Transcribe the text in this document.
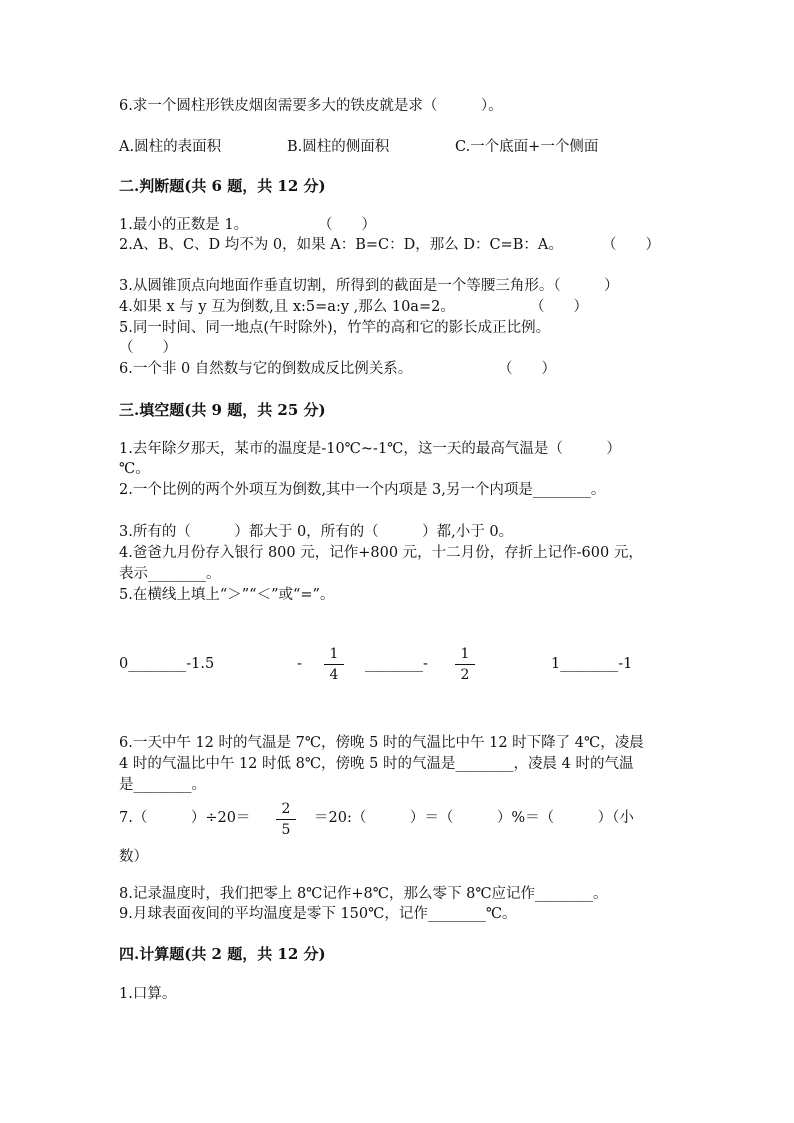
6.求一个圆柱形铁皮烟囱需要多大的铁皮就是求（　　　）。
A.圆柱的表面积	B.圆柱的侧面积	C.一个底面+一个侧面
二.判断题(共 6 题，共 12 分)
1.最小的正数是 1。	（　　）
2.A、B、C、D 均不为 0，如果 A：B=C：D，那么 D：C=B：A。	（　　）
3.从圆锥顶点向地面作垂直切割，所得到的截面是一个等腰三角形。（　　　）
4.如果 x 与 y 互为倒数,且 x:5=a:y ,那么 10a=2。	（　　）
5.同一时间、同一地点(午时除外)，竹竿的高和它的影长成正比例。
（　　）
6.一个非 0 自然数与它的倒数成反比例关系。	（　　）
三.填空题(共 9 题，共 25 分)
1.去年除夕那天，某市的温度是-10℃~-1℃，这一天的最高气温是（　　　）
℃。
2.一个比例的两个外项互为倒数,其中一个内项是 3,另一个内项是________。
3.所有的（　　　）都大于 0，所有的（　　　）都,小于 0。
4.爸爸九月份存入银行 800 元，记作+800 元，十二月份，存折上记作-600 元，
表示________。
5.在横线上填上“＞”“＜”或“=”。
0________-1.5	-
1
4
________-
1
2
1________-1
6.一天中午 12 时的气温是 7℃，傍晚 5 时的气温比中午 12 时下降了 4℃，凌晨
4 时的气温比中午 12 时低 8℃，傍晚 5 时的气温是________，凌晨 4 时的气温
是________。
7.（　　　）÷20＝
2
5
＝20:（　　　）＝（　　　）%＝（　　　）（小
数）
8.记录温度时，我们把零上 8℃记作+8℃，那么零下 8℃应记作________。
9.月球表面夜间的平均温度是零下 150℃，记作________℃。
四.计算题(共 2 题，共 12 分)
1.口算。
